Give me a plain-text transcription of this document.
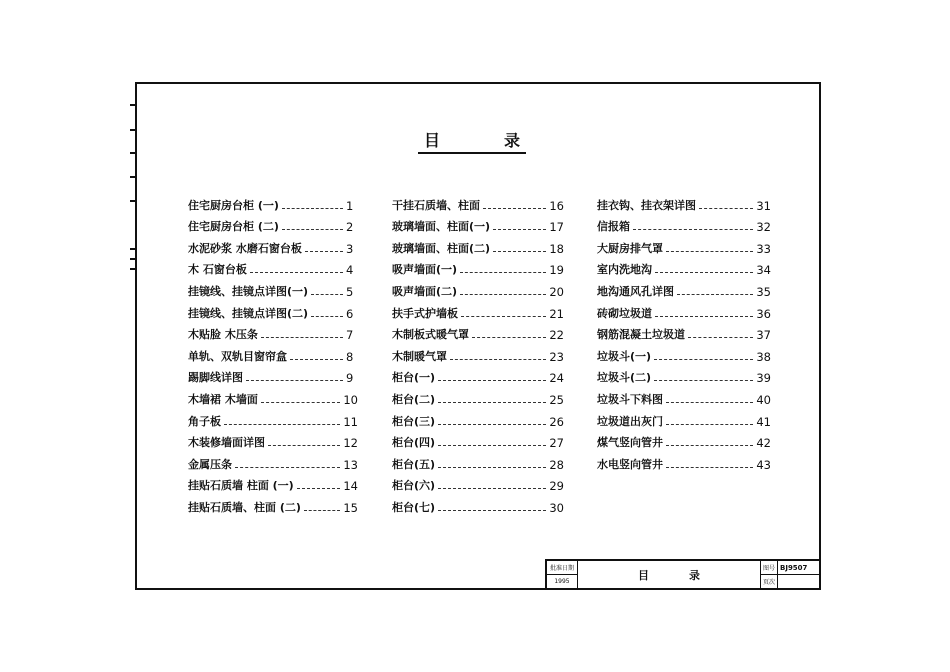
目	录
住宅厨房台柜 (一)	1
住宅厨房台柜 (二)	2
水泥砂浆 水磨石窗台板	3
木 石窗台板	4
挂镜线、挂镜点详图(一)	5
挂镜线、挂镜点详图(二)	6
木贴脸 木压条	7
单轨、双轨目窗帘盒	8
踢脚线详图	9
木墙裙 木墙面	10
角子板	11
木装修墙面详图	12
金属压条	13
挂贴石质墙 柱面 (一)	14
挂贴石质墙、柱面 (二)	15
干挂石质墙、柱面	16
玻璃墙面、柱面(一)	17
玻璃墙面、柱面(二)	18
吸声墙面(一)	19
吸声墙面(二)	20
扶手式护墙板	21
木制板式暖气罩	22
木制暖气罩	23
柜台(一)	24
柜台(二)	25
柜台(三)	26
柜台(四)	27
柜台(五)	28
柜台(六)	29
柜台(七)	30
挂衣钩、挂衣架详图	31
信报箱	32
大厨房排气罩	33
室内洗地沟	34
地沟通风孔详图	35
砖砌垃圾道	36
钢筋混凝土垃圾道	37
垃圾斗(一)	38
垃圾斗(二)	39
垃圾斗下料图	40
垃圾道出灰门	41
煤气竖向管井	42
水电竖向管井	43
批准日期
1995	目	录	图号 BJ9507
页次
